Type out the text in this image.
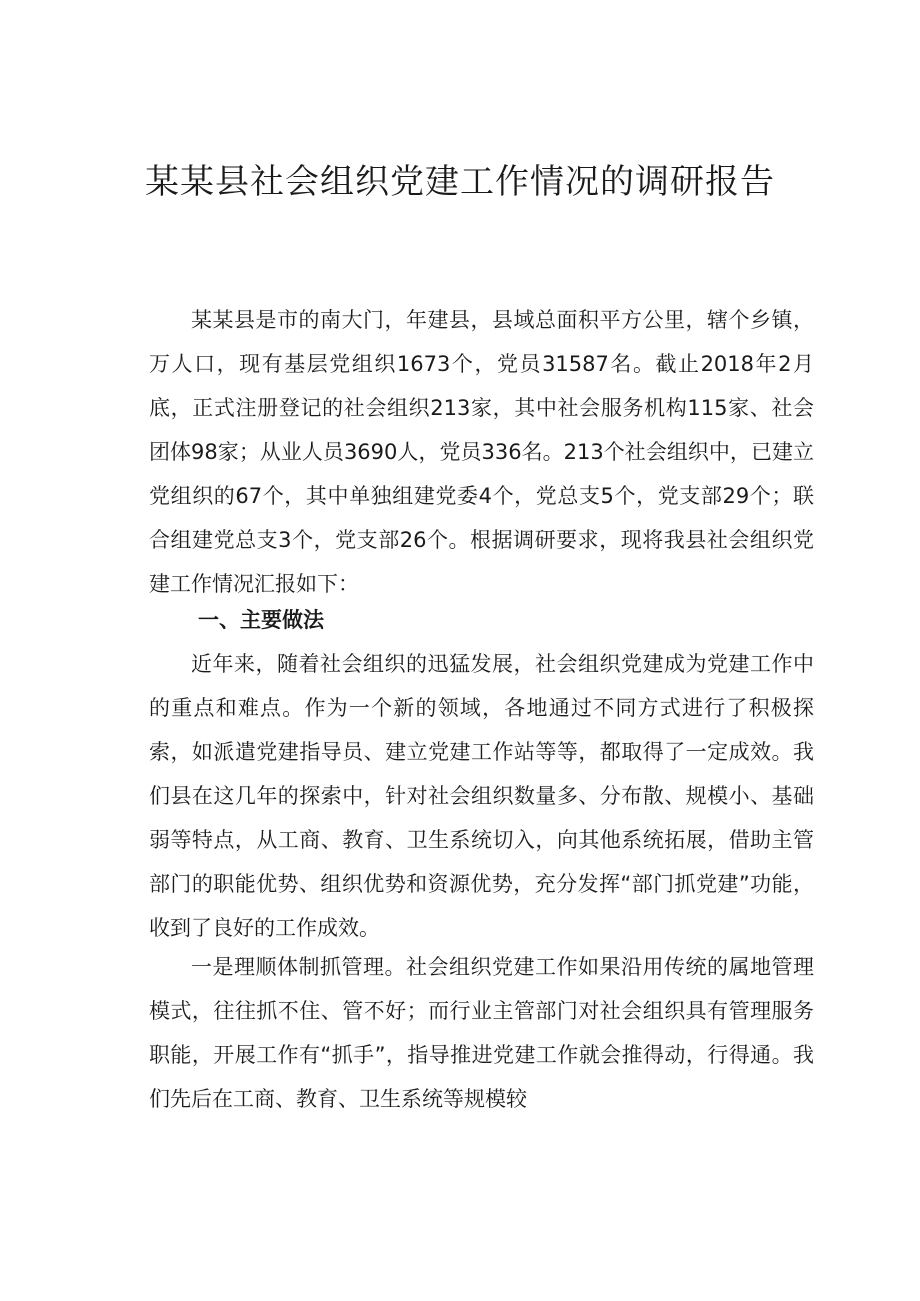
某某县社会组织党建工作情况的调研报告

某某县是市的南大门，年建县，县域总面积平方公里，辖个乡镇，万人口，现有基层党组织1673个，党员31587名。截止2018年2月底，正式注册登记的社会组织213家，其中社会服务机构115家、社会团体98家；从业人员3690人，党员336名。213个社会组织中，已建立党组织的67个，其中单独组建党委4个，党总支5个，党支部29个；联合组建党总支3个，党支部26个。根据调研要求，现将我县社会组织党建工作情况汇报如下：

一、主要做法

近年来，随着社会组织的迅猛发展，社会组织党建成为党建工作中的重点和难点。作为一个新的领域，各地通过不同方式进行了积极探索，如派遣党建指导员、建立党建工作站等等，都取得了一定成效。我们县在这几年的探索中，针对社会组织数量多、分布散、规模小、基础弱等特点，从工商、教育、卫生系统切入，向其他系统拓展，借助主管部门的职能优势、组织优势和资源优势，充分发挥“部门抓党建”功能，收到了良好的工作成效。

一是理顺体制抓管理。社会组织党建工作如果沿用传统的属地管理模式，往往抓不住、管不好；而行业主管部门对社会组织具有管理服务职能，开展工作有“抓手”，指导推进党建工作就会推得动，行得通。我们先后在工商、教育、卫生系统等规模较
